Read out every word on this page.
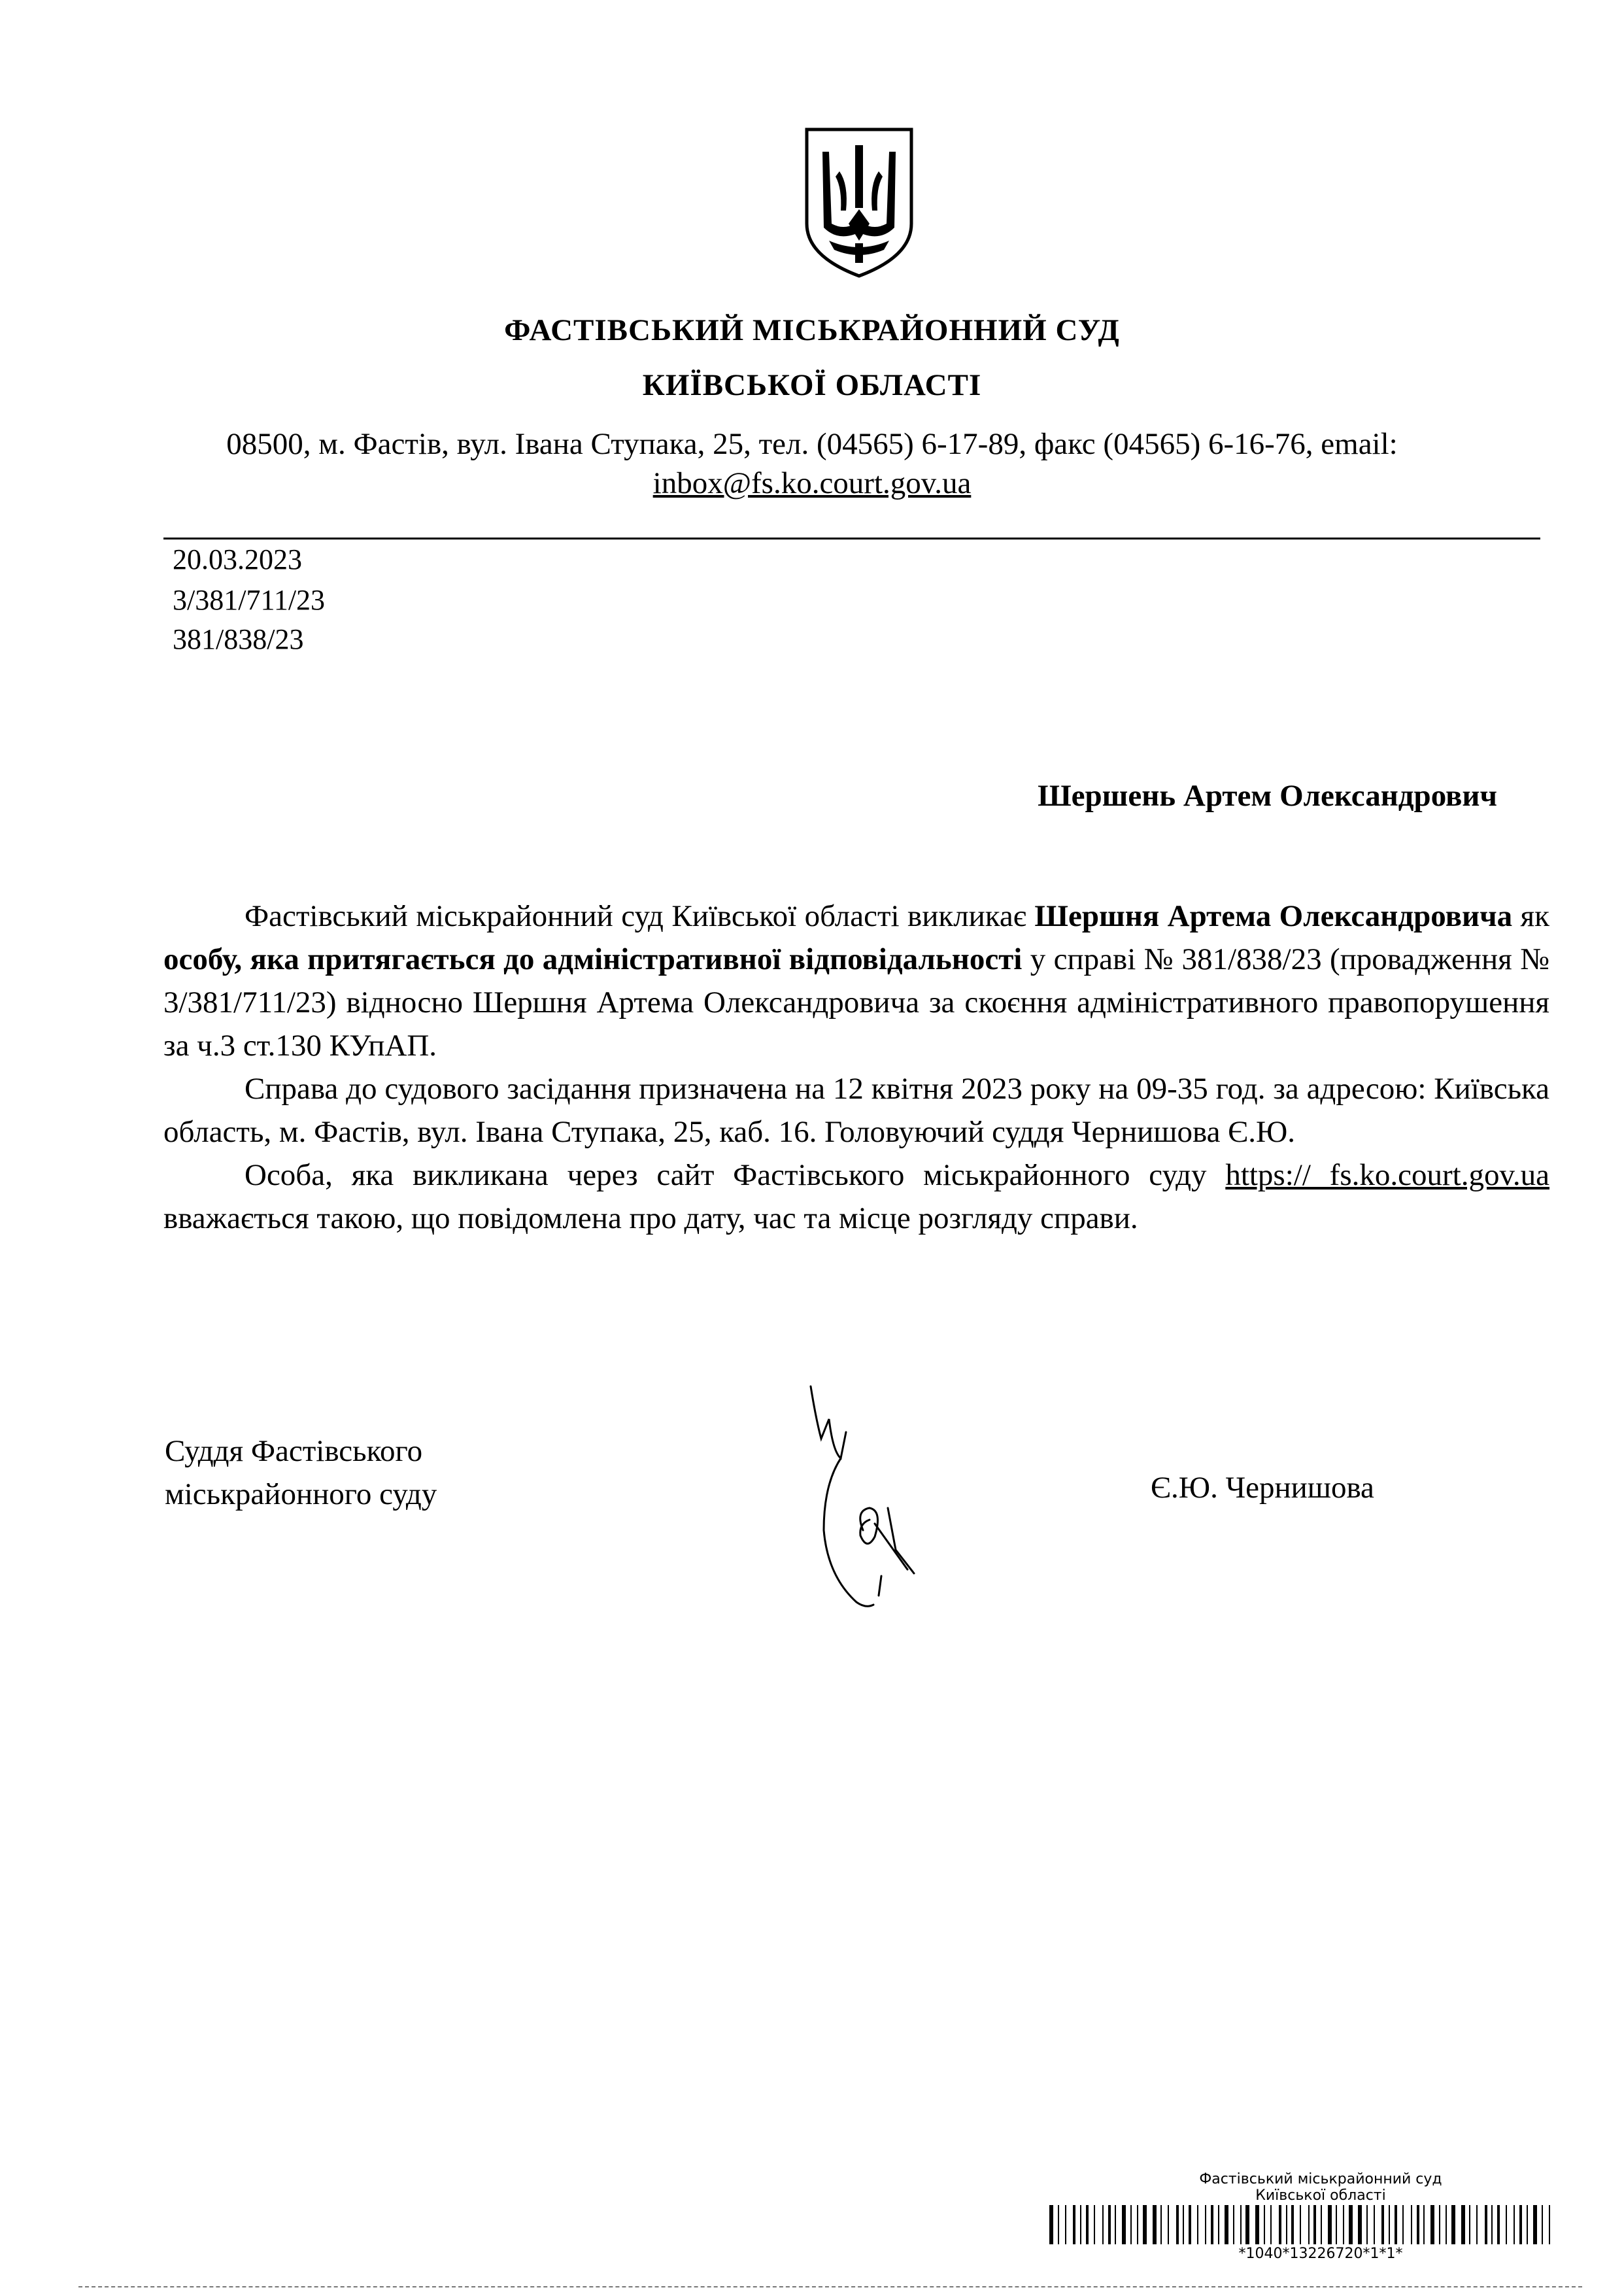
ФАСТІВСЬКИЙ МІСЬКРАЙОННИЙ СУД
КИЇВСЬКОЇ ОБЛАСТІ
08500, м. Фастів, вул. Івана Ступака, 25, тел. (04565) 6-17-89, факс (04565) 6-16-76, email:
inbox@fs.ko.court.gov.ua
20.03.2023
3/381/711/23
381/838/23
Шершень Артем Олександрович

Фастівський міськрайонний суд Київської області викликає Шершня Артема Олександровича як особу, яка притягається до адміністративної відповідальності у справі № 381/838/23 (провадження № 3/381/711/23) відносно Шершня Артема Олександровича за скоєння адміністративного правопорушення за ч.3 ст.130 КУпАП.

Справа до судового засідання призначена на 12 квітня 2023 року на 09-35 год. за адресою: Київська область, м. Фастів, вул. Івана Ступака, 25, каб. 16. Головуючий суддя Чернишова Є.Ю.

Особа, яка викликана через сайт Фастівського міськрайонного суду https:// fs.ko.court.gov.ua вважається такою, що повідомлена про дату, час та місце розгляду справи.

Суддя Фастівського
міськрайонного суду	Є.Ю. Чернишова
Фастівський міськрайонний суд
Київської області
*1040*13226720*1*1*
